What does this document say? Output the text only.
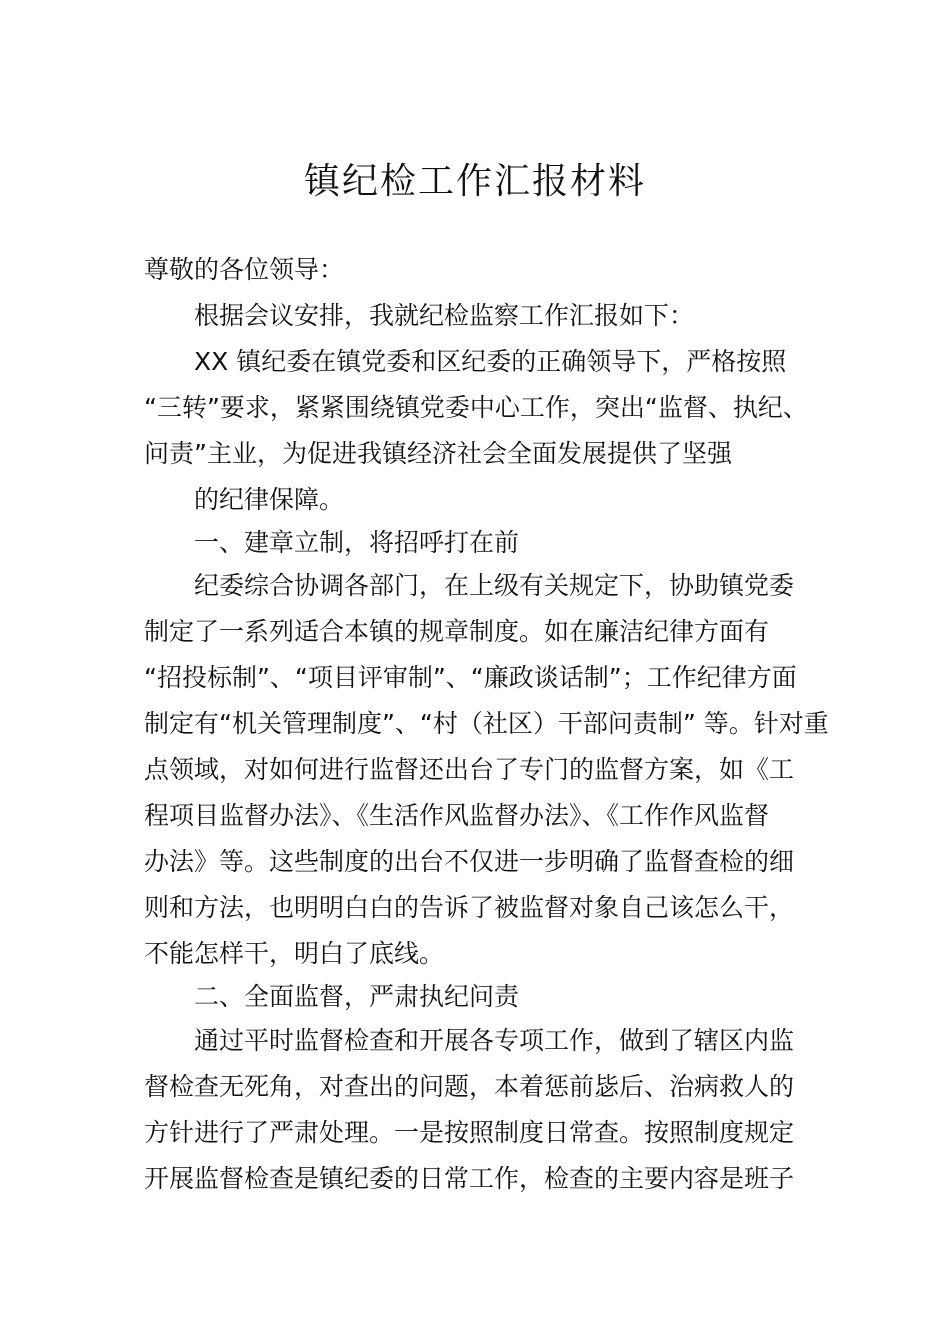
镇纪检工作汇报材料
尊敬的各位领导：
根据会议安排，我就纪检监察工作汇报如下：
XX 镇纪委在镇党委和区纪委的正确领导下，严格按照
“三转”要求，紧紧围绕镇党委中心工作，突出“监督、执纪、
问责”主业，为促进我镇经济社会全面发展提供了坚强
的纪律保障。
一、建章立制，将招呼打在前
纪委综合协调各部门，在上级有关规定下，协助镇党委
制定了一系列适合本镇的规章制度。如在廉洁纪律方面有
“招投标制”、“项目评审制”、“廉政谈话制”；工作纪律方面
制定有“机关管理制度”、“村（社区）干部问责制” 等。针对重
点领域，对如何进行监督还出台了专门的监督方案，如《工
程项目监督办法》、《生活作风监督办法》、《工作作风监督
办法》等。这些制度的出台不仅进一步明确了监督查检的细
则和方法，也明明白白的告诉了被监督对象自己该怎么干，
不能怎样干，明白了底线。
二、全面监督，严肃执纪问责
通过平时监督检查和开展各专项工作，做到了辖区内监
督检查无死角，对查出的问题，本着惩前毖后、治病救人的
方针进行了严肃处理。一是按照制度日常查。按照制度规定
开展监督检查是镇纪委的日常工作，检查的主要内容是班子
